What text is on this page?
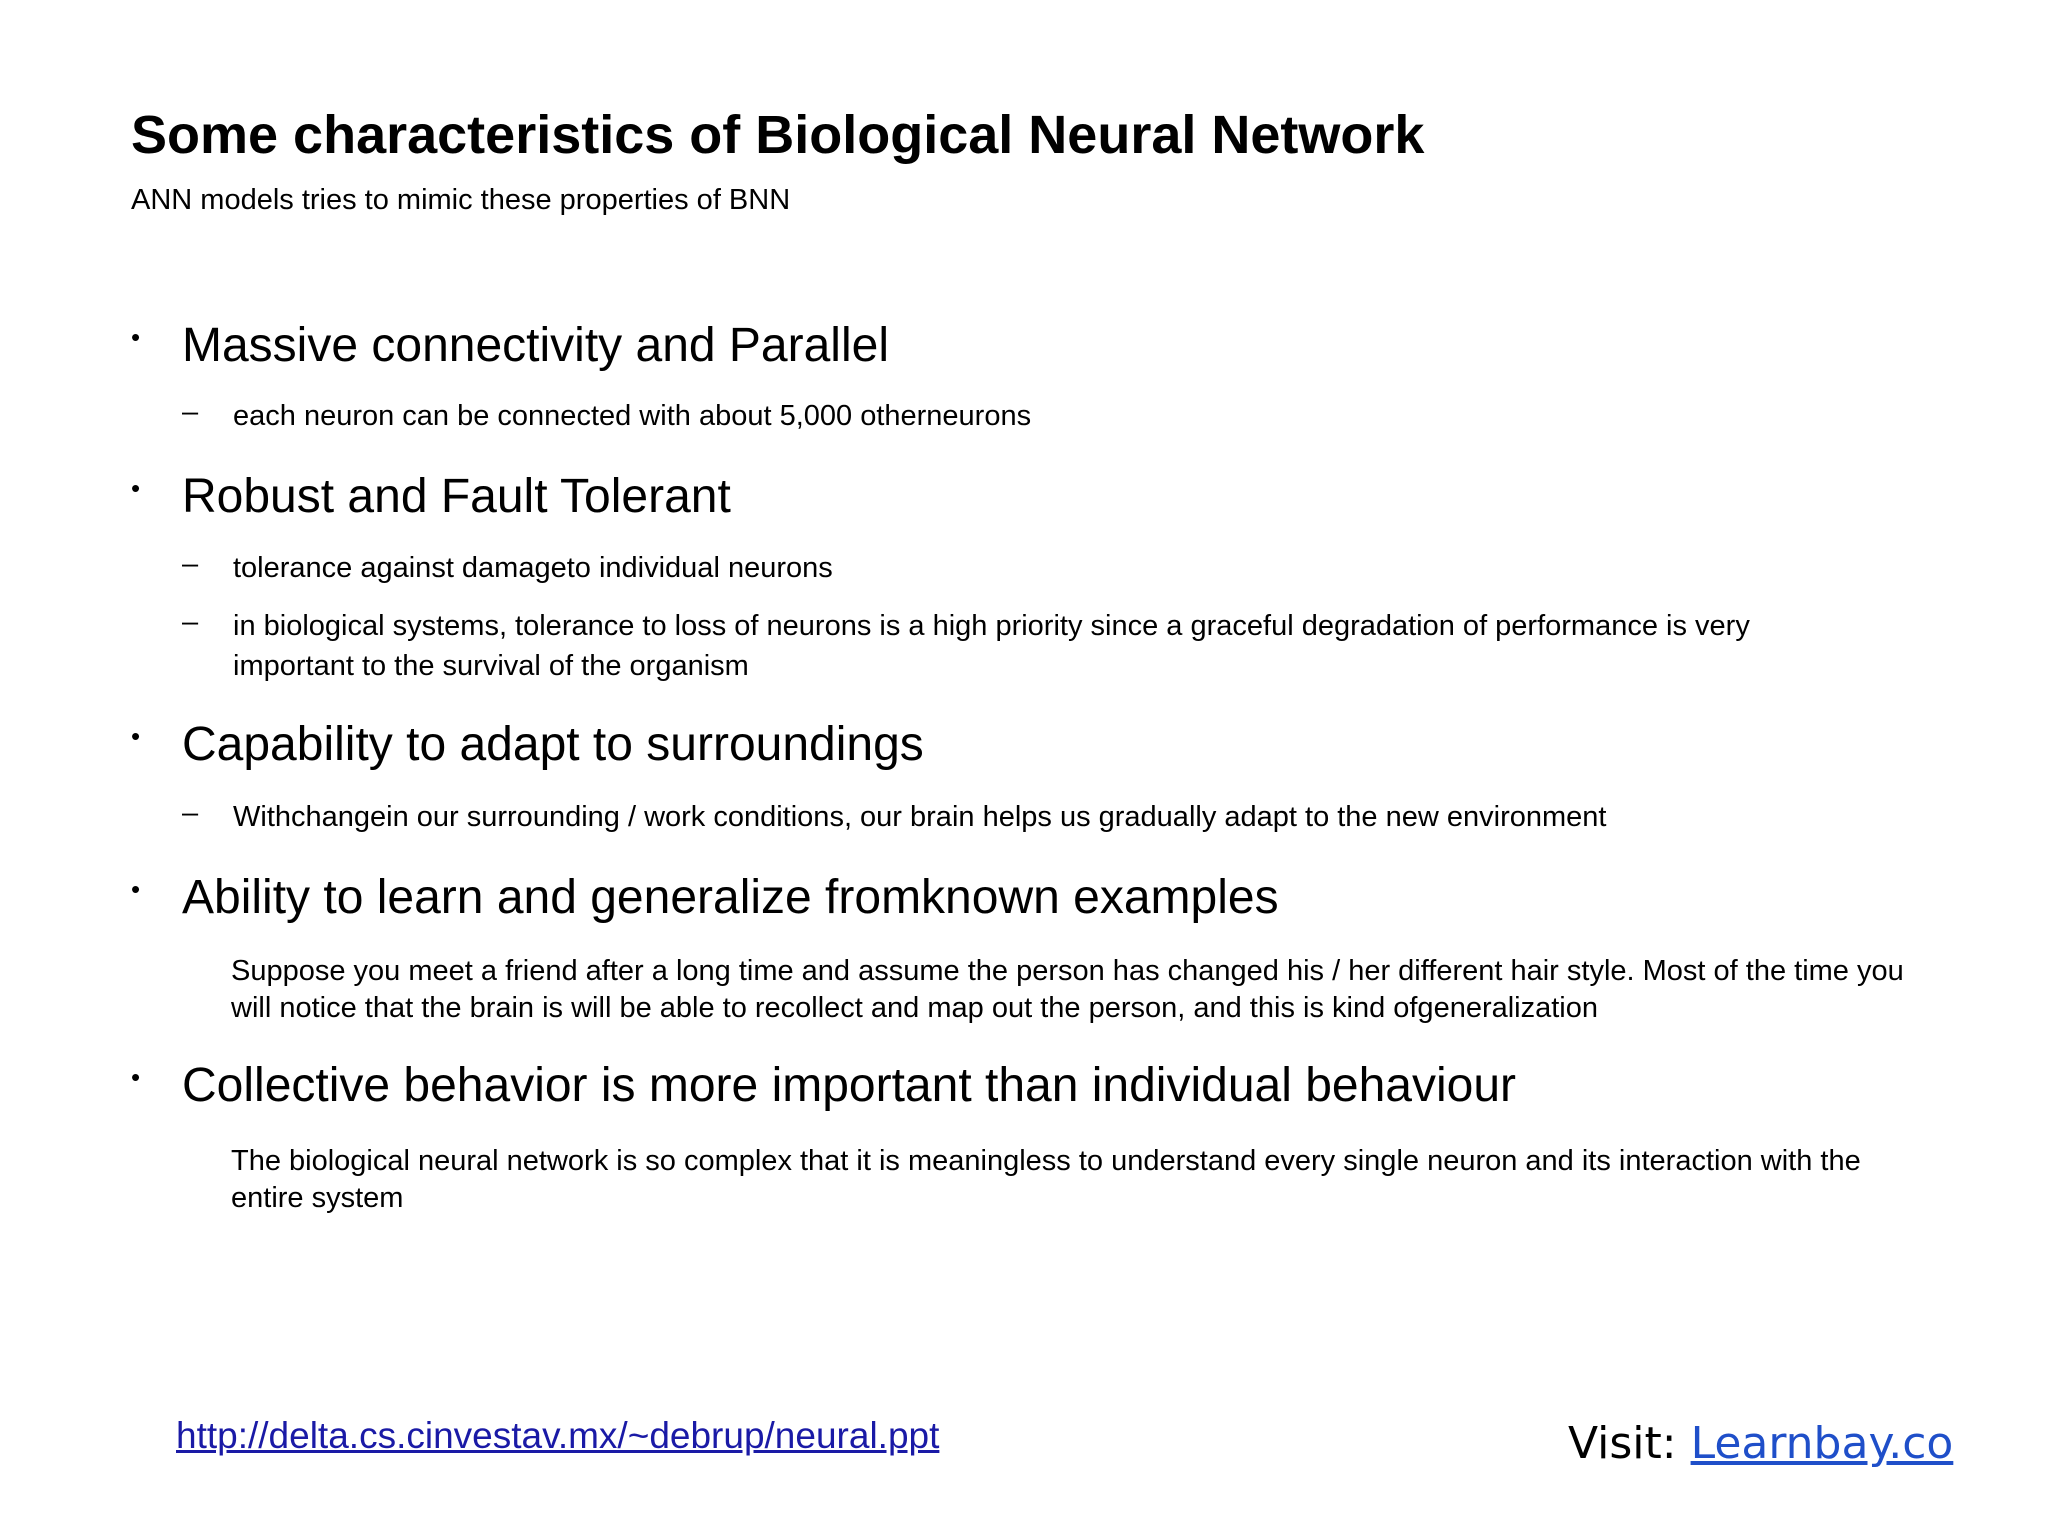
Some characteristics of Biological Neural Network

ANN models tries to mimic these properties of BNN

• Massive connectivity and Parallel
– each neuron can be connected with about 5,000 otherneurons
• Robust and Fault Tolerant
– tolerance against damageto individual neurons
– in biological systems, tolerance to loss of neurons is a high priority since a graceful degradation of performance is very important to the survival of the organism
• Capability to adapt to surroundings
– Withchangein our surrounding / work conditions, our brain helps us gradually adapt to the new environment
• Ability to learn and generalize fromknown examples
Suppose you meet a friend after a long time and assume the person has changed his / her different hair style. Most of the time you will notice that the brain is will be able to recollect and map out the person, and this is kind ofgeneralization
• Collective behavior is more important than individual behaviour
The biological neural network is so complex that it is meaningless to understand every single neuron and its interaction with the entire system
http://delta.cs.cinvestav.mx/~debrup/neural.ppt	Visit: Learnbay.co
